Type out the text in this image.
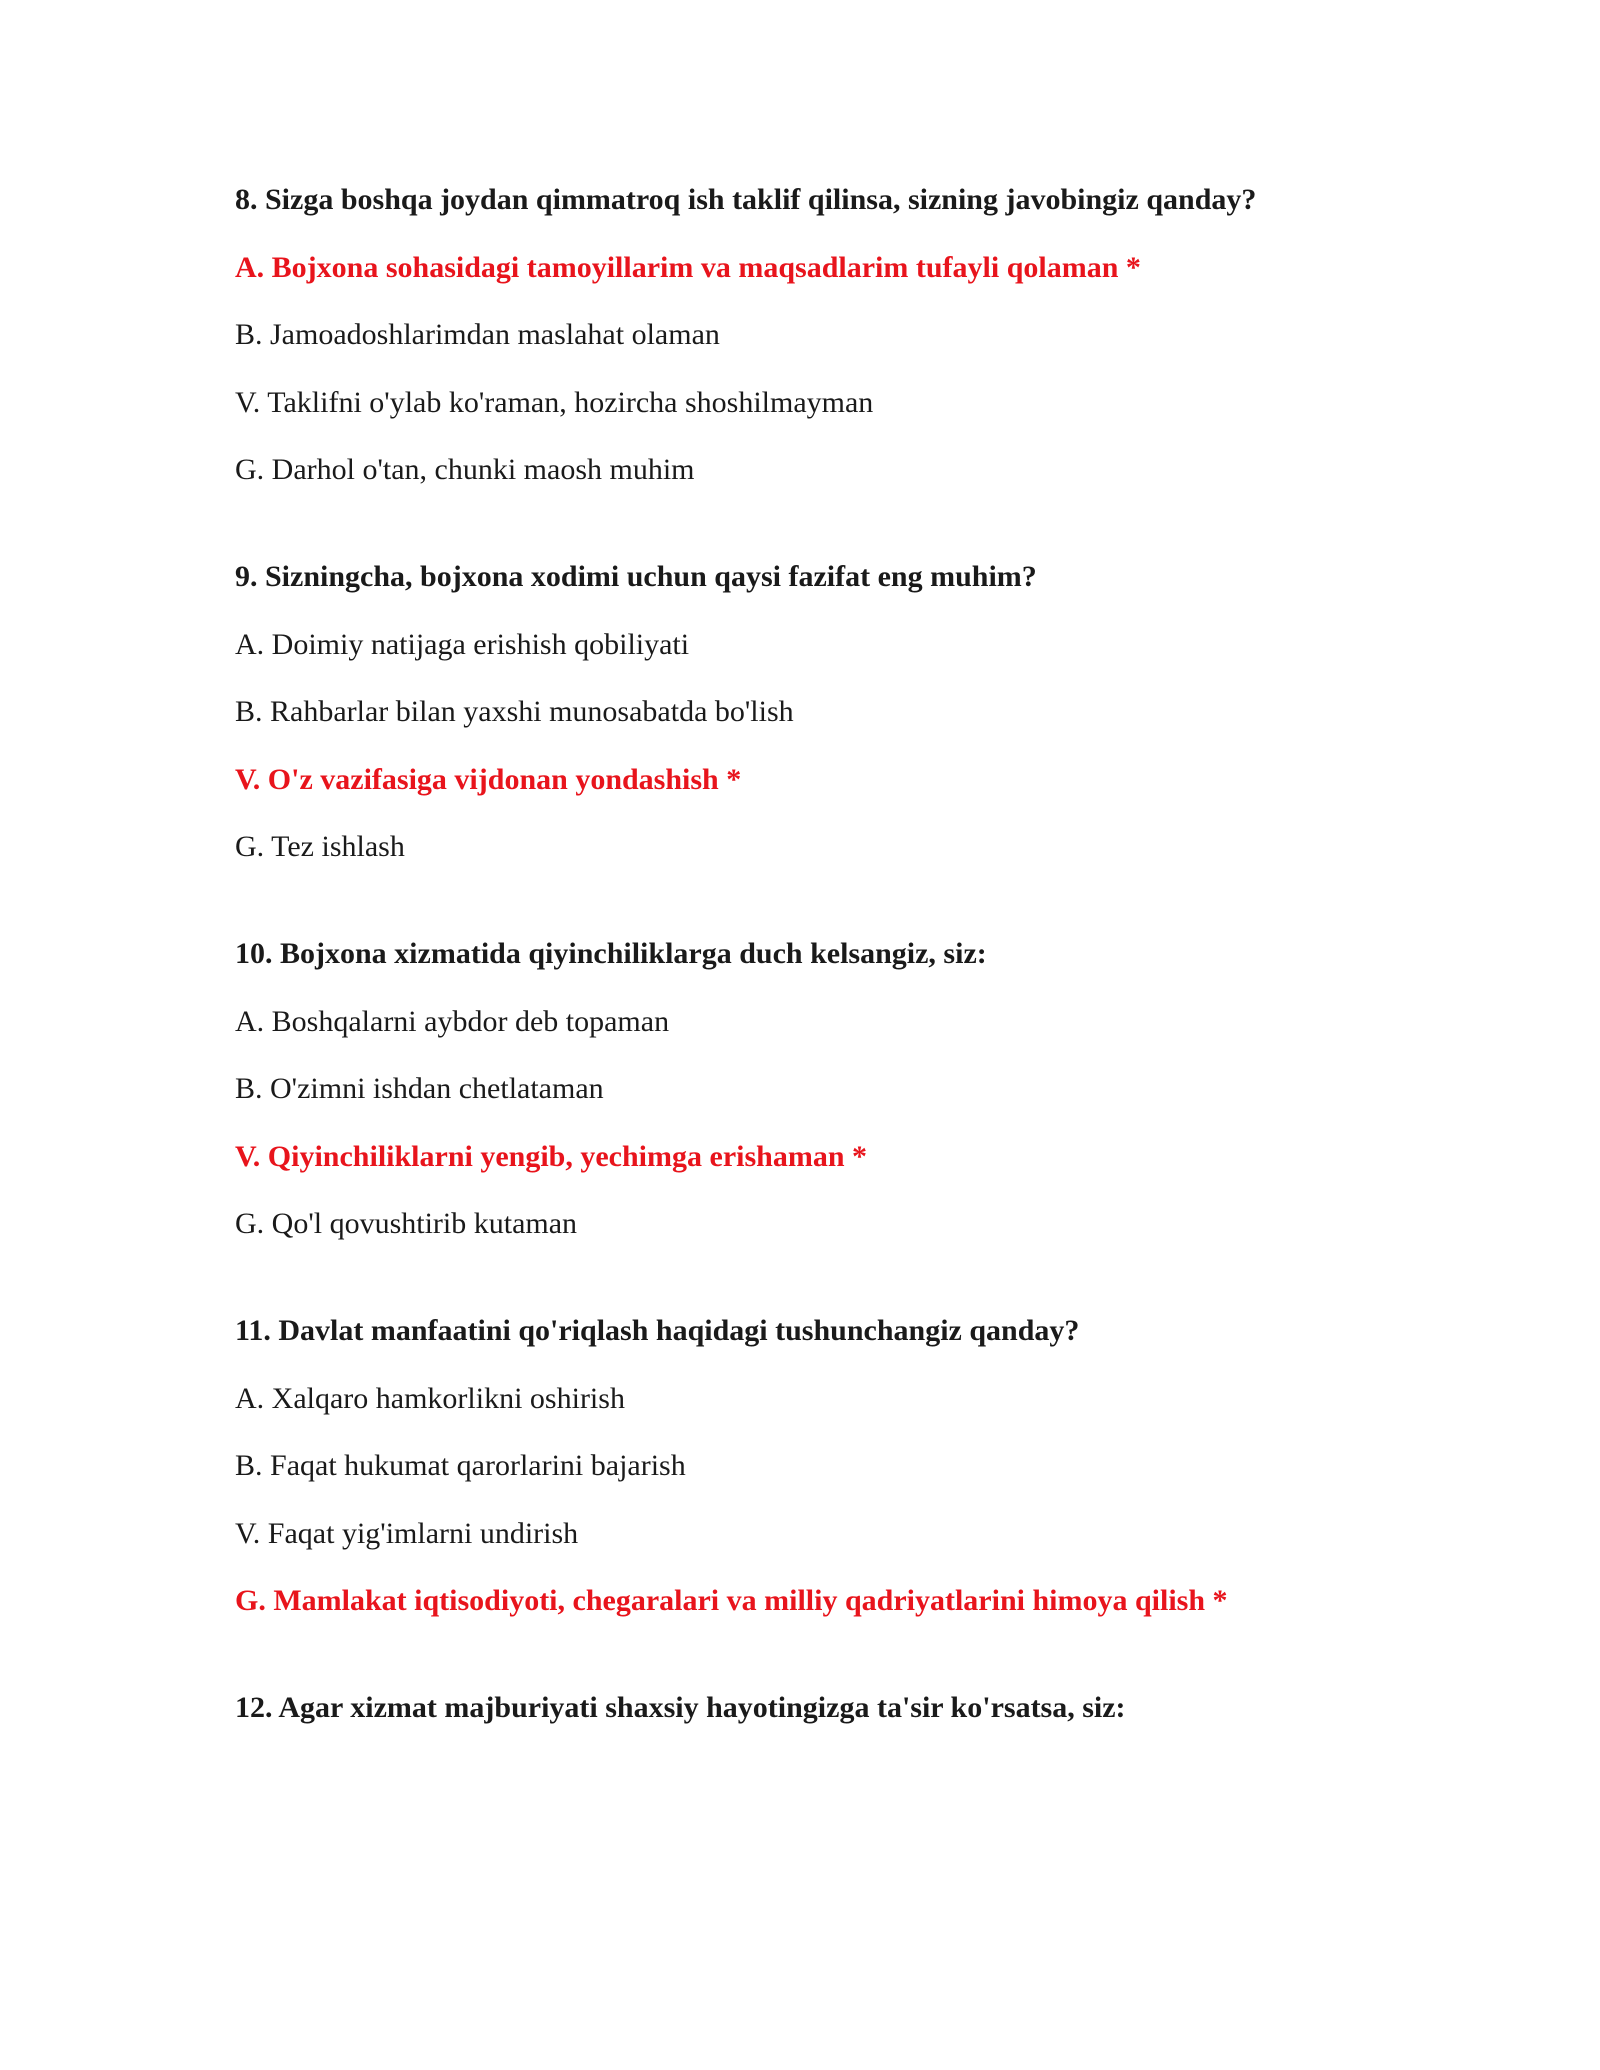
8. Sizga boshqa joydan qimmatroq ish taklif qilinsa, sizning javobingiz qanday?
A. Bojxona sohasidagi tamoyillarim va maqsadlarim tufayli qolaman *
B. Jamoadoshlarimdan maslahat olaman
V. Taklifni o'ylab ko'raman, hozircha shoshilmayman
G. Darhol o'tan, chunki maosh muhim
9. Sizningcha, bojxona xodimi uchun qaysi fazifat eng muhim?
A. Doimiy natijaga erishish qobiliyati
B. Rahbarlar bilan yaxshi munosabatda bo'lish
V. O'z vazifasiga vijdonan yondashish *
G. Tez ishlash
10. Bojxona xizmatida qiyinchiliklarga duch kelsangiz, siz:
A. Boshqalarni aybdor deb topaman
B. O'zimni ishdan chetlataman
V. Qiyinchiliklarni yengib, yechimga erishaman *
G. Qo'l qovushtirib kutaman
11. Davlat manfaatini qo'riqlash haqidagi tushunchangiz qanday?
A. Xalqaro hamkorlikni oshirish
B. Faqat hukumat qarorlarini bajarish
V. Faqat yig'imlarni undirish
G. Mamlakat iqtisodiyoti, chegaralari va milliy qadriyatlarini himoya qilish *
12. Agar xizmat majburiyati shaxsiy hayotingizga ta'sir ko'rsatsa, siz:
